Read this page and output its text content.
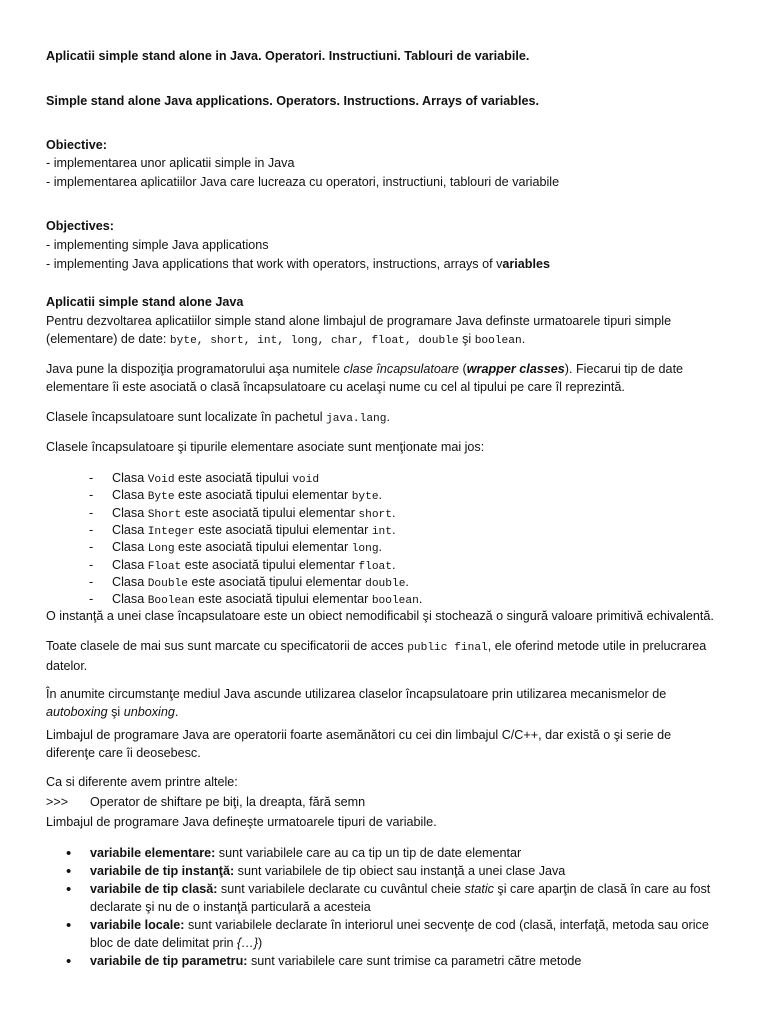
Aplicatii simple stand alone in Java. Operatori. Instructiuni. Tablouri de variabile.
Simple stand alone Java applications. Operators. Instructions. Arrays of variables.
Obiective:
- implementarea unor aplicatii simple in Java
- implementarea aplicatiilor Java care lucreaza cu operatori, instructiuni, tablouri de variabile
Objectives:
- implementing simple Java applications
- implementing Java applications that work with operators, instructions, arrays of variables
Aplicatii simple stand alone Java
Pentru dezvoltarea aplicatiilor simple stand alone limbajul de programare Java definste urmatoarele tipuri simple
(elementare) de date: byte, short, int, long, char, float, double şi boolean.
Java pune la dispoziţia programatorului aşa numitele clase încapsulatoare (wrapper classes). Fiecarui tip de date
elementare îi este asociată o clasă încapsulatoare cu acelaşi nume cu cel al tipului pe care îl reprezintă.
Clasele încapsulatoare sunt localizate în pachetul java.lang.
Clasele încapsulatoare şi tipurile elementare asociate sunt menţionate mai jos:
- Clasa Void este asociată tipului void
- Clasa Byte este asociată tipului elementar byte.
- Clasa Short este asociată tipului elementar short.
- Clasa Integer este asociată tipului elementar int.
- Clasa Long este asociată tipului elementar long.
- Clasa Float este asociată tipului elementar float.
- Clasa Double este asociată tipului elementar double.
- Clasa Boolean este asociată tipului elementar boolean.
O instanţă a unei clase încapsulatoare este un obiect nemodificabil şi stochează o singură valoare primitivă echivalentă.
Toate clasele de mai sus sunt marcate cu specificatorii de acces public final, ele oferind metode utile in prelucrarea
datelor.
În anumite circumstanţe mediul Java ascunde utilizarea claselor încapsulatoare prin utilizarea mecanismelor de
autoboxing şi unboxing.
Limbajul de programare Java are operatorii foarte asemănători cu cei din limbajul C/C++, dar există o şi serie de
diferenţe care îi deosebesc.
Ca si diferente avem printre altele:
>>> Operator de shiftare pe biţi, la dreapta, fără semn
Limbajul de programare Java defineşte urmatoarele tipuri de variabile.
• variabile elementare: sunt variabilele care au ca tip un tip de date elementar
• variabile de tip instanţă: sunt variabilele de tip obiect sau instanţă a unei clase Java
• variabile de tip clasă: sunt variabilele declarate cu cuvântul cheie static şi care aparţin de clasă în care au fost
declarate şi nu de o instanţă particulară a acesteia
• variabile locale: sunt variabilele declarate în interiorul unei secvenţe de cod (clasă, interfaţă, metoda sau orice
bloc de date delimitat prin {…})
• variabile de tip parametru: sunt variabilele care sunt trimise ca parametri către metode
